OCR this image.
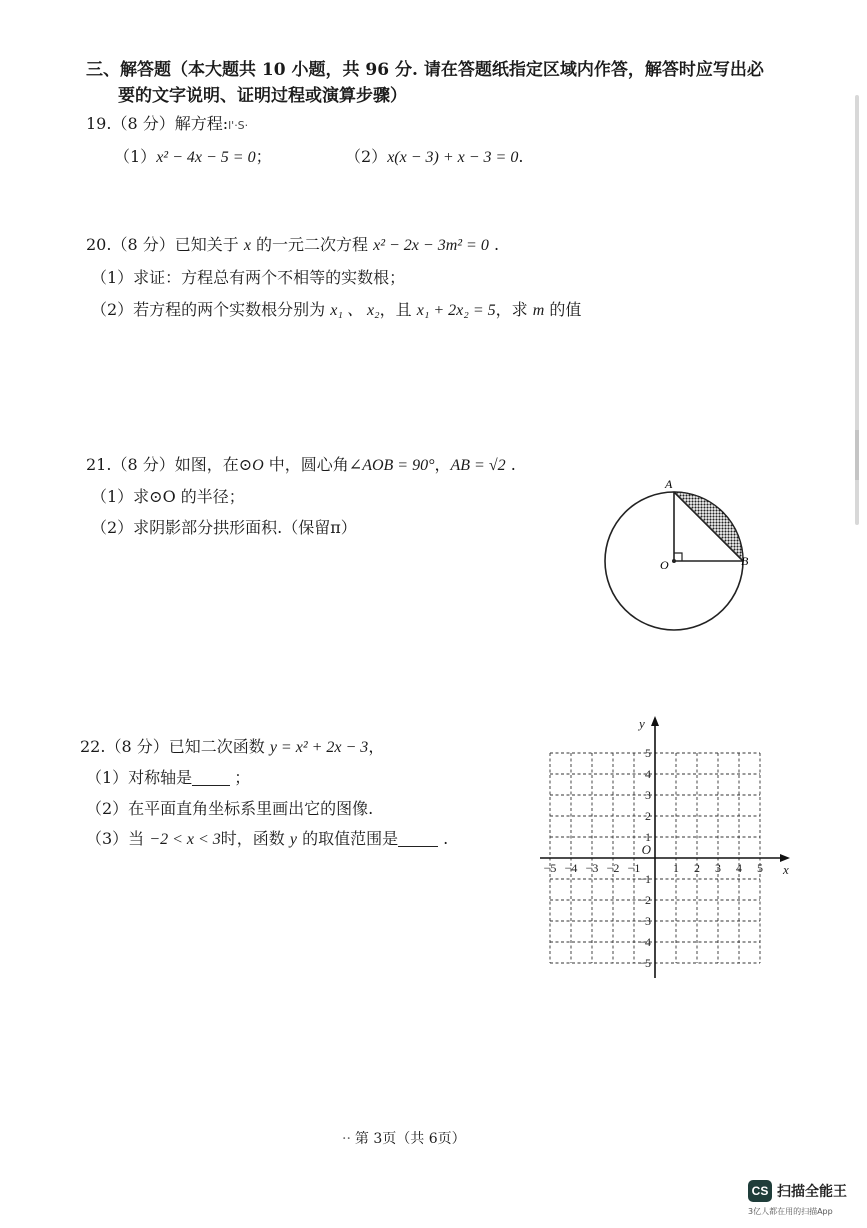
三、解答题（本大题共 10 小题，共 96 分. 请在答题纸指定区域内作答，解答时应写出必
要的文字说明、证明过程或演算步骤）
19.（8 分）解方程:l'·S·
（1）x² − 4x − 5 = 0；	（2）x(x − 3) + x − 3 = 0.
20.（8 分）已知关于 x 的一元二次方程 x² − 2x − 3m² = 0 .
（1）求证：方程总有两个不相等的实数根；
（2）若方程的两个实数根分别为 x₁ 、 x₂，且 x₁ + 2x₂ = 5，求 m 的值
21.（8 分）如图，在⊙O 中，圆心角∠AOB = 90°，AB = √2 .
（1）求⊙O 的半径；
（2）求阴影部分拱形面积.（保留π）
A
B
O
22.（8 分）已知二次函数 y = x² + 2x − 3，
（1）对称轴是	；
（2）在平面直角坐标系里画出它的图像.
（3）当 −2 < x < 3时，函数 y 的取值范围是	.
−5 −4 −3 −2 −1	1 2 3 4 5
5
4
3
2
1
−1
−2
−3
−4
−5
O
x
y
·· 第 3页（共 6页）
CS 扫描全能王
3亿人都在用的扫描App
